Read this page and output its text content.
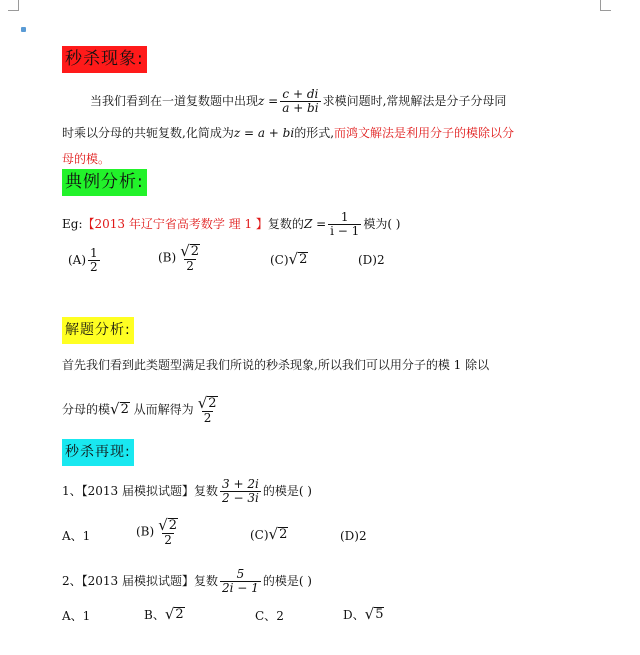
秒杀现象:
当我们看到在一道复数题中出现$z = \frac{c + di}{a + bi}$ 求模问题时,常规解法是分子分母同
时乘以分母的共轭复数,化简成为z = a + bi的形式,而鸿文解法是利用分子的模除以分
母的模。
典例分析:
Eg:【2013 年辽宁省高考数学 理 1 】复数的$Z = \frac{1}{i - 1}$ 模为( )
$(A) \frac{1}{2}$	$(B) \frac{√ 2}{2}$	(C) √ 2	(D)2
解题分析:
首先我们看到此类题型满足我们所说的秒杀现象,所以我们可以用分子的模 1 除以
分母的模 √ 2 从而解得为 $\frac{√ 2}{2}$
秒杀再现:
1、【2013 届模拟试题】复数 $\frac{3 + 2i}{2 - 3i}$ 的模是( )
A、1	$(B) \frac{√ 2}{2}$	(C) √ 2	(D)2
2、【2013 届模拟试题】复数 $\frac{5}{2i - 1}$ 的模是( )
A、1	B、 √ 2	C、2	D、 √ 5
